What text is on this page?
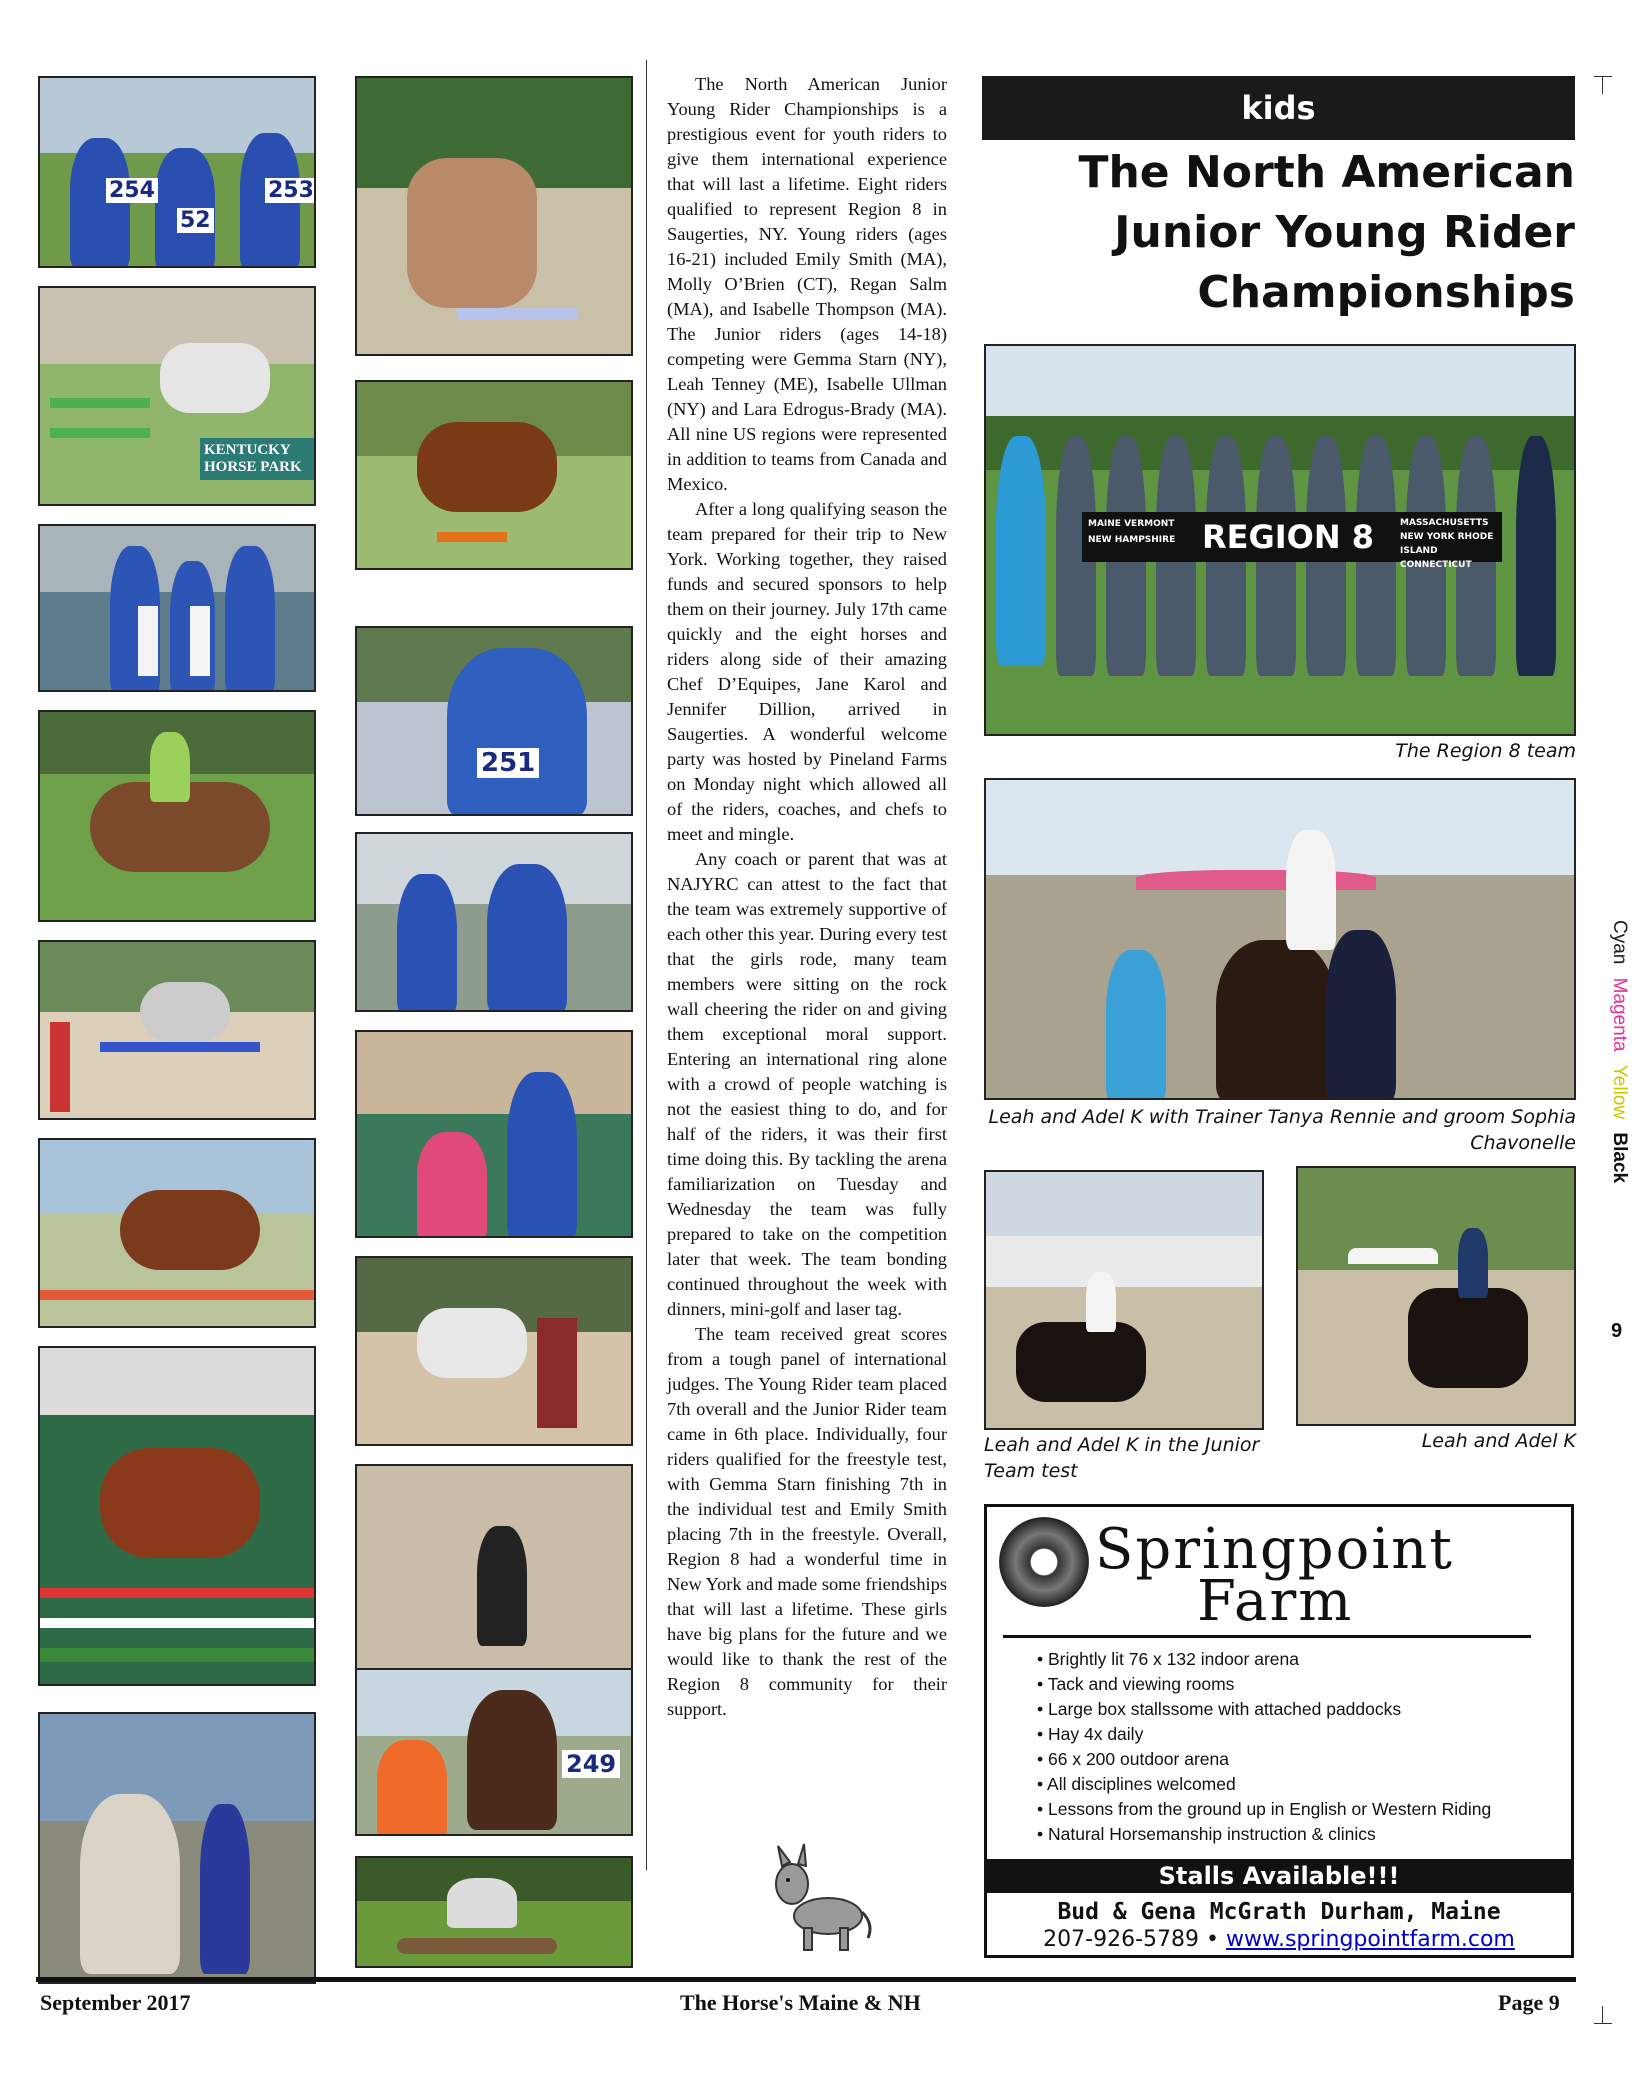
254
52
253
KENTUCKY HORSE PARK
251
249

The North American Junior Young Rider Championships is a prestigious event for youth riders to give them international experience that will last a lifetime. Eight riders qualified to represent Region 8 in Saugerties, NY. Young riders (ages 16-21) included Emily Smith (MA), Molly O’Brien (CT), Regan Salm (MA), and Isabelle Thompson (MA). The Junior riders (ages 14-18) competing were Gemma Starn (NY), Leah Tenney (ME), Isabelle Ullman (NY) and Lara Edrogus-Brady (MA). All nine US regions were represented in addition to teams from Canada and Mexico.

After a long qualifying season the team prepared for their trip to New York. Working together, they raised funds and secured sponsors to help them on their journey. July 17th came quickly and the eight horses and riders along side of their amazing Chef D’Equipes, Jane Karol and Jennifer Dillion, arrived in Saugerties. A wonderful welcome party was hosted by Pineland Farms on Monday night which allowed all of the riders, coaches, and chefs to meet and mingle.

Any coach or parent that was at NAJYRC can attest to the fact that the team was extremely supportive of each other this year. During every test that the girls rode, many team members were sitting on the rock wall cheering the rider on and giving them exceptional moral support. Entering an international ring alone with a crowd of people watching is not the easiest thing to do, and for half of the riders, it was their first time doing this. By tackling the arena familiarization on Tuesday and Wednesday the team was fully prepared to take on the competition later that week. The team bonding continued throughout the week with dinners, mini-golf and laser tag.

The team received great scores from a tough panel of international judges. The Young Rider team placed 7th overall and the Junior Rider team came in 6th place. Individually, four riders qualified for the freestyle test, with Gemma Starn finishing 7th in the individual test and Emily Smith placing 7th in the freestyle. Overall, Region 8 had a wonderful time in New York and made some friendships that will last a lifetime. These girls have big plans for the future and we would like to thank the rest of the Region 8 community for their support.

kids
The North American
Junior Young Rider
Championships
MAINE VERMONT NEW HAMPSHIRE REGION 8	MASSACHUSETTS NEW YORK RHODE ISLAND CONNECTICUT
The Region 8 team
Leah and Adel K with Trainer Tanya Rennie and groom Sophia Chavonelle
Leah and Adel K in the Junior Team test
Leah and Adel K
Springpoint
Farm
• Brightly lit 76 x 132 indoor arena
• Tack and viewing rooms
• Large box stallssome with attached paddocks
• Hay 4x daily
• 66 x 200 outdoor arena
• All disciplines welcomed
• Lessons from the ground up in English or Western Riding
• Natural Horsemanship instruction & clinics
Stalls Available!!!
Bud & Gena McGrath Durham, Maine
207-926-5789 • www.springpointfarm.com
September 2017	The Horse's Maine & NH	Page 9
Cyan Magenta Yellow Black
9
